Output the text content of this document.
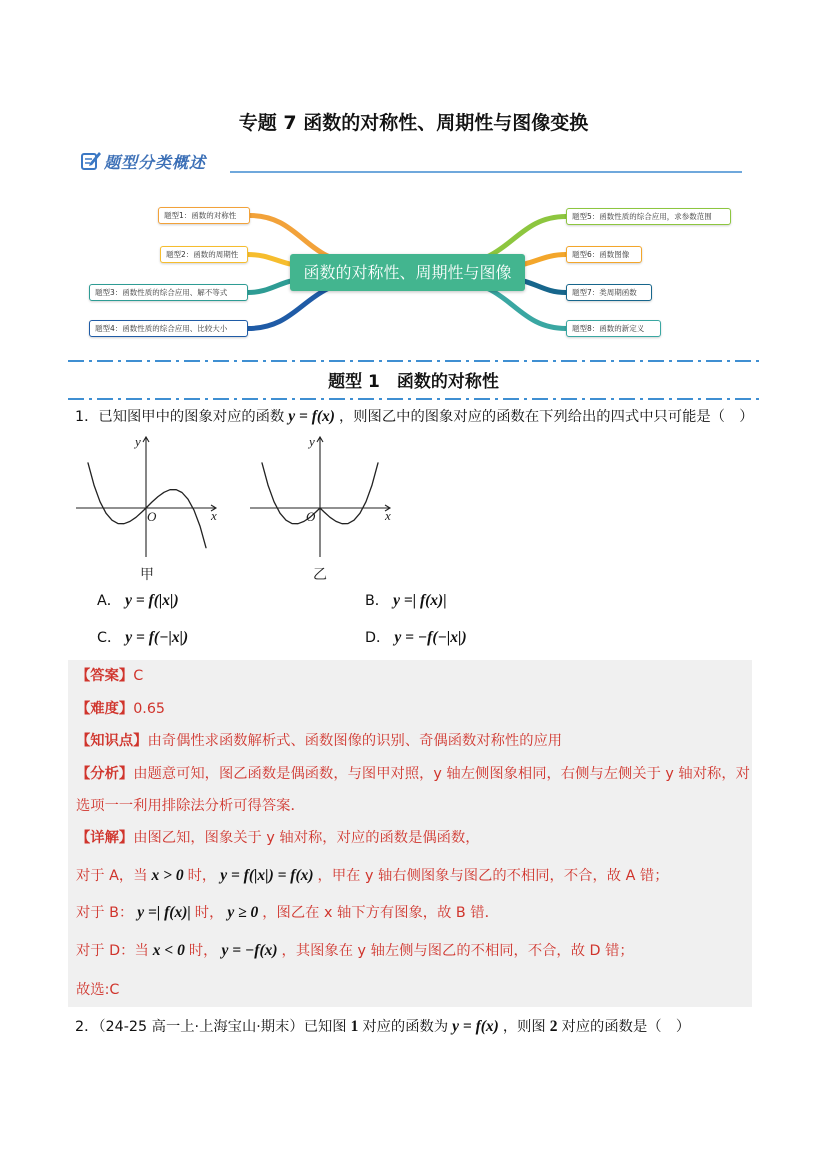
专题 7 函数的对称性、周期性与图像变换
题型分类概述
函数的对称性、周期性与图像
题型1：函数的对称性
题型2：函数的周期性
题型3：函数性质的综合应用、解不等式
题型4：函数性质的综合应用、比较大小
题型5：函数性质的综合应用，求参数范围
题型6：函数图像
题型7：类周期函数
题型8：函数的新定义
题型 1　函数的对称性
1．已知图甲中的图象对应的函数 y = f(x) ，则图乙中的图象对应的函数在下列给出的四式中只可能是（　）
y
x
O
甲
y
x
O
乙
A． y = f(|x|)	B． y =| f(x)|
C． y = f(−|x|)	D． y = −f(−|x|)
【答案】C
【难度】0.65
【知识点】由奇偶性求函数解析式、函数图像的识别、奇偶函数对称性的应用
【分析】由题意可知，图乙函数是偶函数，与图甲对照，y 轴左侧图象相同，右侧与左侧关于 y 轴对称，对
选项一一利用排除法分析可得答案．
【详解】由图乙知，图象关于 y 轴对称，对应的函数是偶函数，
对于 A，当 x > 0 时， y = f(|x|) = f(x) ，甲在 y 轴右侧图象与图乙的不相同，不合，故 A 错；
对于 B： y =| f(x)| 时， y ≥ 0 ，图乙在 x 轴下方有图象，故 B 错．
对于 D：当 x < 0 时， y = −f(x) ，其图象在 y 轴左侧与图乙的不相同，不合，故 D 错；
故选:C
2．（24-25 高一上·上海宝山·期末）已知图 1 对应的函数为 y = f(x) ，则图 2 对应的函数是（　）
